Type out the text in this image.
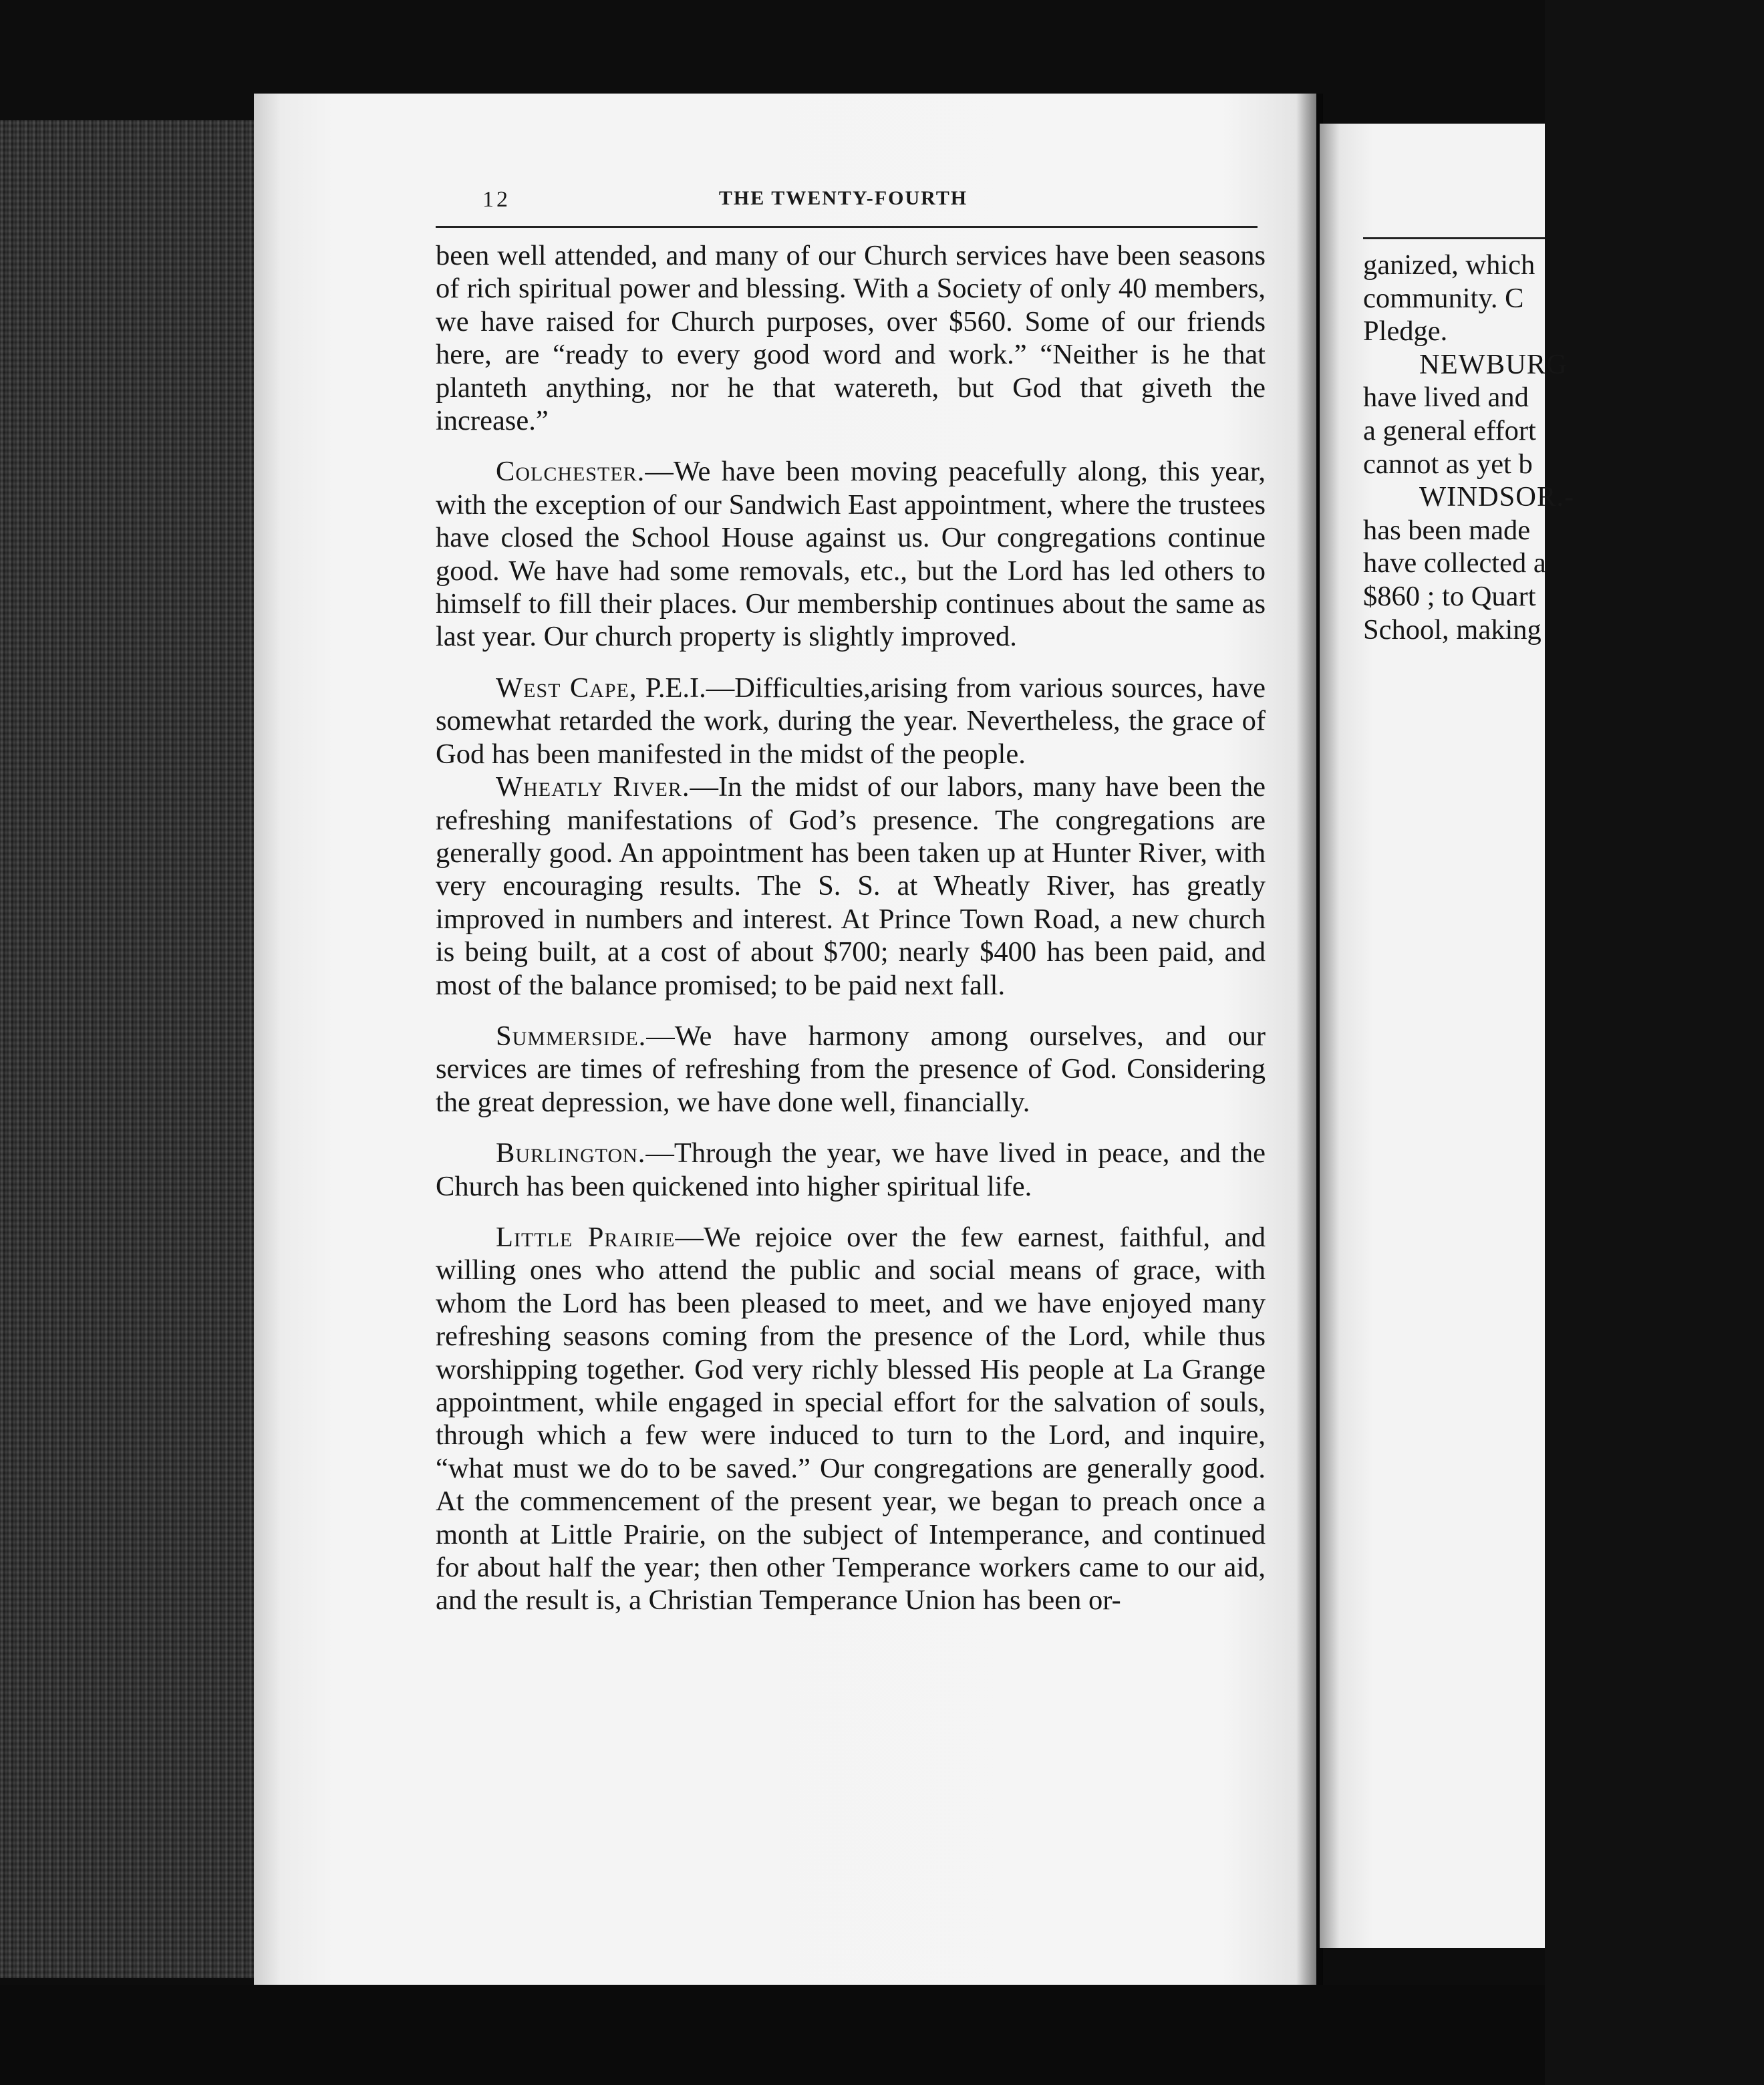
12	THE TWENTY-FOURTH

been well attended, and many of our Church services have been seasons of rich spiritual power and blessing. With a Society of only 40 members, we have raised for Church purposes, over $560. Some of our friends here, are “ready to every good word and work.” “Neither is he that planteth anything, nor he that watereth, but God that giveth the increase.”

Colchester.—We have been moving peacefully along, this year, with the exception of our Sandwich East appointment, where the trustees have closed the School House against us. Our congregations continue good. We have had some removals, etc., but the Lord has led others to himself to fill their places. Our membership continues about the same as last year. Our church property is slightly improved.

West Cape, P.E.I.—Difficulties,arising from various sources, have somewhat retarded the work, during the year. Nevertheless, the grace of God has been manifested in the midst of the people.

Wheatly River.—In the midst of our labors, many have been the refreshing manifestations of God’s presence. The congregations are generally good. An appointment has been taken up at Hunter River, with very encouraging results. The S. S. at Wheatly River, has greatly improved in numbers and interest. At Prince Town Road, a new church is being built, at a cost of about $700; nearly $400 has been paid, and most of the balance promised; to be paid next fall.

Summerside.—We have harmony among ourselves, and our services are times of refreshing from the presence of God. Considering the great depression, we have done well, financially.

Burlington.—Through the year, we have lived in peace, and the Church has been quickened into higher spiritual life.

Little Prairie—We rejoice over the few earnest, faithful, and willing ones who attend the public and social means of grace, with whom the Lord has been pleased to meet, and we have enjoyed many refreshing seasons coming from the presence of the Lord, while thus worshipping together. God very richly blessed His people at La Grange appointment, while engaged in special effort for the salvation of souls, through which a few were induced to turn to the Lord, and inquire, “what must we do to be saved.” Our congregations are generally good. At the commencement of the present year, we began to preach once a month at Little Prairie, on the subject of Intemperance, and continued for about half the year; then other Temperance workers came to our aid, and the result is, a Christian Temperance Union has been or-

ganized, which
community. C
Pledge.
NEWBURG
have lived and
a general effort
cannot as yet b
WINDSOR.-
has been made
have collected a
$860 ; to Quart
School, making
